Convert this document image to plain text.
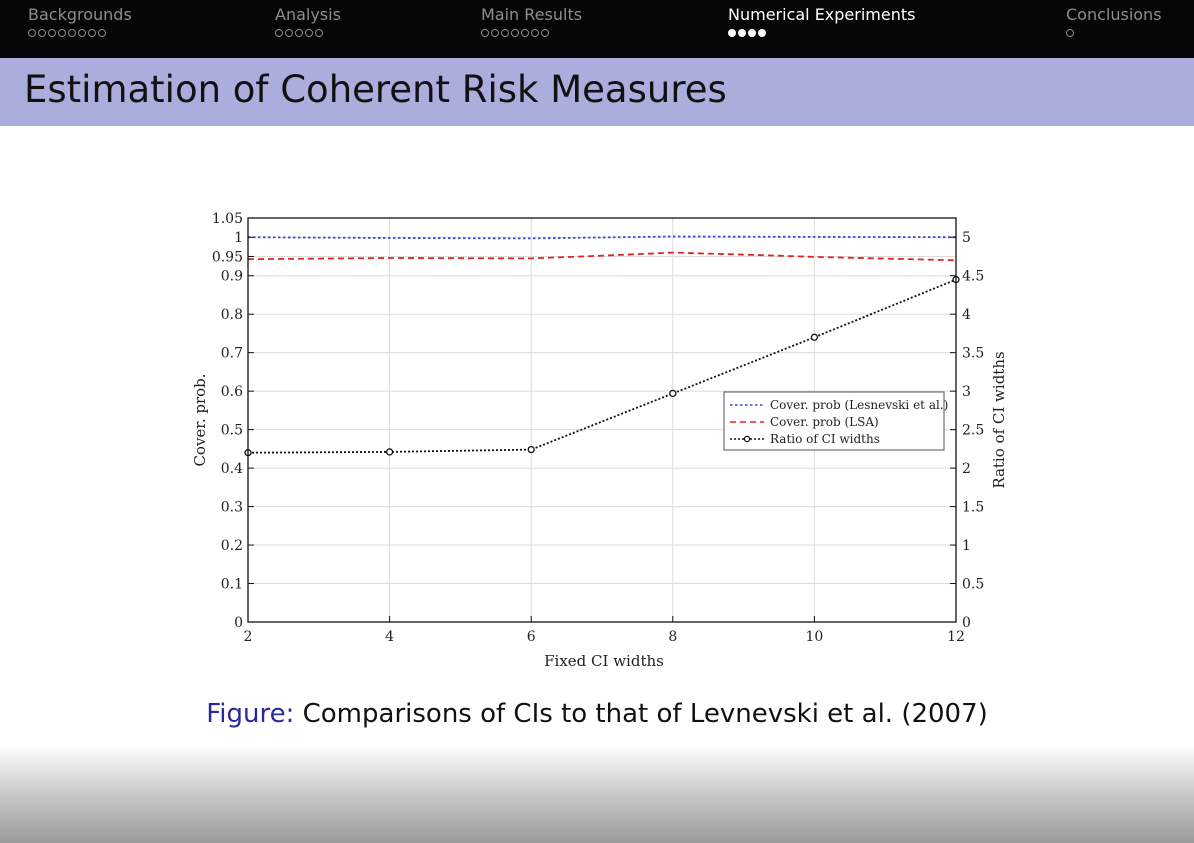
Backgrounds	Analysis	Main Results	Numerical Experiments	Conclusions
Estimation of Coherent Risk Measures
2	4	6	8	10	12
0
0.1
0.2
0.3
0.4
0.5
0.6
0.7
0.8
0.9
0.95
1
1.05
0
0.5
1
1.5
2
2.5
3
3.5
4
4.5
5
Cover. prob (Lesnevski et al.)
Cover. prob (LSA)
Ratio of CI widths
Fixed CI widths
Cover. prob.	Ratio of CI widths
Figure: Comparisons of CIs to that of Levnevski et al. (2007)
